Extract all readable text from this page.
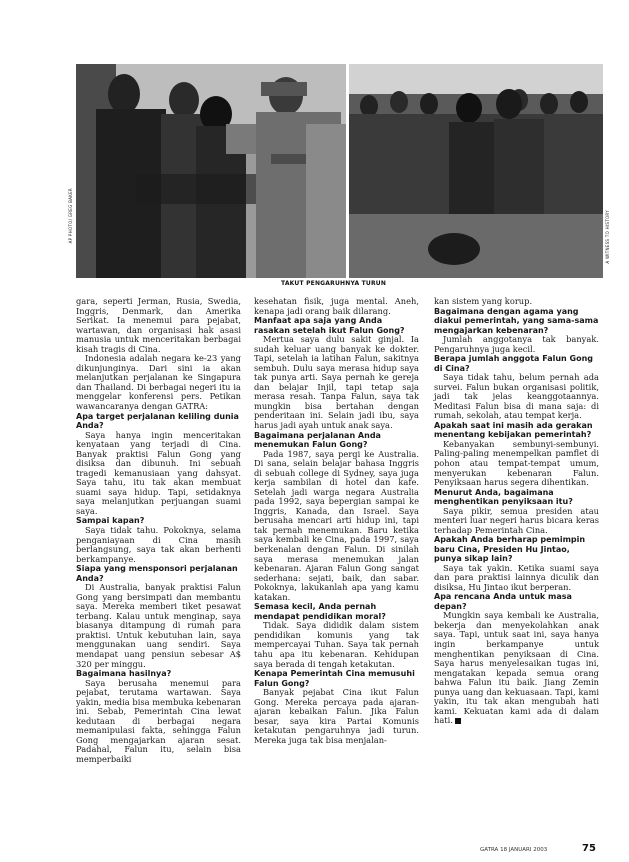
AP PHOTO/ GREG BAKER	A WITNESS TO HISTORY
TAKUT PENGARUHNYA TURUN

gara, seperti Jerman, Rusia, Swedia, Inggris, Denmark, dan Amerika Serikat. Ia menemui para pejabat, wartawan, dan organisasi hak asasi manusia untuk menceritakan berbagai kisah tragis di Cina.

Indonesia adalah negara ke-23 yang dikunjunginya. Dari sini ia akan melanjutkan perjalanan ke Singapura dan Thailand. Di berbagai negeri itu ia menggelar konferensi pers. Petikan wawancaranya dengan GATRA:

Apa target perjalanan keliling dunia Anda?

Saya hanya ingin menceritakan kenyataan yang terjadi di Cina. Banyak praktisi Falun Gong yang disiksa dan dibunuh. Ini sebuah tragedi kemanusiaan yang dahsyat. Saya tahu, itu tak akan membuat suami saya hidup. Tapi, setidaknya saya melanjutkan perjuangan suami saya.

Sampai kapan?

Saya tidak tahu. Pokoknya, selama penganiayaan di Cina masih berlangsung, saya tak akan berhenti berkampanye.

Siapa yang mensponsori perjalanan Anda?

Di Australia, banyak praktisi Falun Gong yang bersimpati dan membantu saya. Mereka memberi tiket pesawat terbang. Kalau untuk menginap, saya biasanya ditampung di rumah para praktisi. Untuk kebutuhan lain, saya menggunakan uang sendiri. Saya mendapat uang pensiun sebesar A$ 320 per minggu.

Bagaimana hasilnya?

Saya berusaha menemui para pejabat, terutama wartawan. Saya yakin, media bisa membuka kebenaran ini. Sebab, Pemerintah Cina lewat kedutaan di berbagai negara memanipulasi fakta, sehingga Falun Gong mengajarkan ajaran sesat. Padahal, Falun itu, selain bisa memperbaiki

kesehatan fisik, juga mental. Aneh, kenapa jadi orang baik dilarang.

Manfaat apa saja yang Anda rasakan setelah ikut Falun Gong?

Mertua saya dulu sakit ginjal. Ia sudah keluar uang banyak ke dokter. Tapi, setelah ia latihan Falun, sakitnya sembuh. Dulu saya merasa hidup saya tak punya arti. Saya pernah ke gereja dan belajar Injil, tapi tetap saja merasa resah. Tanpa Falun, saya tak mungkin bisa bertahan dengan penderitaan ini. Selain jadi ibu, saya harus jadi ayah untuk anak saya.

Bagaimana perjalanan Anda menemukan Falun Gong?

Pada 1987, saya pergi ke Australia. Di sana, selain belajar bahasa Inggris di sebuah college di Sydney, saya juga kerja sambilan di hotel dan kafe. Setelah jadi warga negara Australia pada 1992, saya bepergian sampai ke Inggris, Kanada, dan Israel. Saya berusaha mencari arti hidup ini, tapi tak pernah menemukan. Baru ketika saya kembali ke Cina, pada 1997, saya berkenalan dengan Falun. Di sinilah saya merasa menemukan jalan kebenaran. Ajaran Falun Gong sangat sederhana: sejati, baik, dan sabar. Pokoknya, lakukanlah apa yang kamu katakan.

Semasa kecil, Anda pernah mendapat pendidikan moral?

Tidak. Saya dididik dalam sistem pendidikan komunis yang tak mempercayai Tuhan. Saya tak pernah tahu apa itu kebenaran. Kehidupan saya berada di tengah ketakutan.

Kenapa Pemerintah Cina memusuhi Falun Gong?

Banyak pejabat Cina ikut Falun Gong. Mereka percaya pada ajaran-ajaran kebaikan Falun. Jika Falun besar, saya kira Partai Komunis ketakutan pengaruhnya jadi turun. Mereka juga tak bisa menjalan-

kan sistem yang korup.

Bagaimana dengan agama yang diakui pemerintah, yang sama-sama mengajarkan kebenaran?

Jumlah anggotanya tak banyak. Pengaruhnya juga kecil.

Berapa jumlah anggota Falun Gong di Cina?

Saya tidak tahu, belum pernah ada survei. Falun bukan organisasi politik, jadi tak jelas keanggotaannya. Meditasi Falun bisa di mana saja: di rumah, sekolah, atau tempat kerja.

Apakah saat ini masih ada gerakan menentang kebijakan pemerintah?

Kebanyakan sembunyi-sembunyi. Paling-paling menempelkan pamflet di pohon atau tempat-tempat umum, menyerukan kebenaran Falun. Penyiksaan harus segera dihentikan.

Menurut Anda, bagaimana menghentikan penyiksaan itu?

Saya pikir, semua presiden atau menteri luar negeri harus bicara keras terhadap Pemerintah Cina.

Apakah Anda berharap pemimpin baru Cina, Presiden Hu Jintao, punya sikap lain?

Saya tak yakin. Ketika suami saya dan para praktisi lainnya diculik dan disiksa, Hu Jintao ikut berperan.

Apa rencana Anda untuk masa depan?

Mungkin saya kembali ke Australia, bekerja dan menyekolahkan anak saya. Tapi, untuk saat ini, saya hanya ingin berkampanye untuk menghentikan penyiksaan di Cina. Saya harus menyelesaikan tugas ini, mengatakan kepada semua orang bahwa Falun itu baik. Jiang Zemin punya uang dan kekuasaan. Tapi, kami yakin, itu tak akan mengubah hati kami. Kekuatan kami ada di dalam hati.

GATRA 18 JANUARI 2003	75
